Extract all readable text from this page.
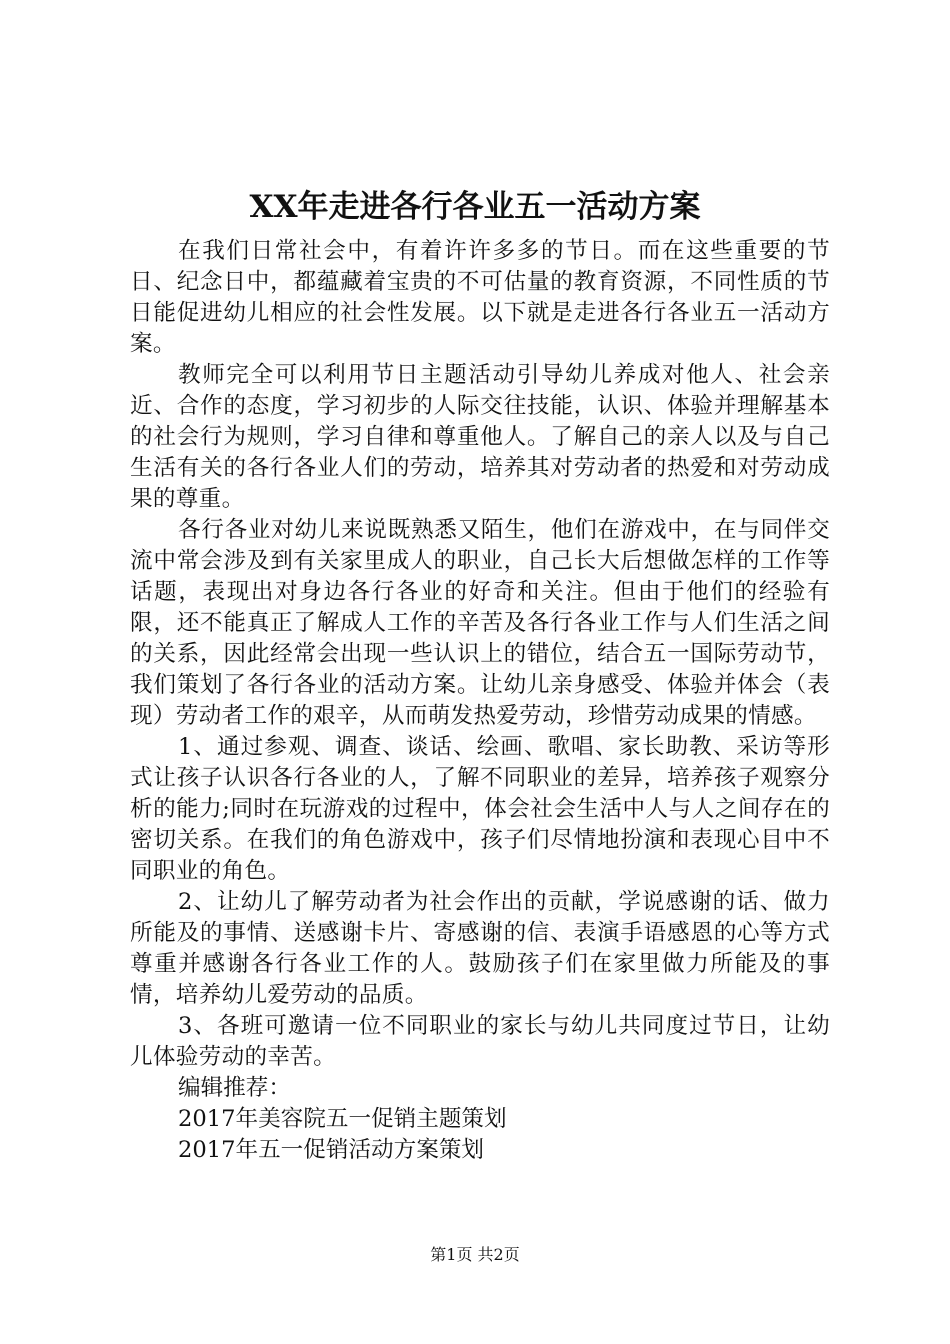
XX年走进各行各业五一活动方案

在我们日常社会中，有着许许多多的节日。而在这些重要的节日、纪念日中，都蕴藏着宝贵的不可估量的教育资源，不同性质的节日能促进幼儿相应的社会性发展。以下就是走进各行各业五一活动方案。

教师完全可以利用节日主题活动引导幼儿养成对他人、社会亲近、合作的态度，学习初步的人际交往技能，认识、体验并理解基本的社会行为规则，学习自律和尊重他人。了解自己的亲人以及与自己生活有关的各行各业人们的劳动，培养其对劳动者的热爱和对劳动成果的尊重。

各行各业对幼儿来说既熟悉又陌生，他们在游戏中，在与同伴交流中常会涉及到有关家里成人的职业，自己长大后想做怎样的工作等话题，表现出对身边各行各业的好奇和关注。但由于他们的经验有限，还不能真正了解成人工作的辛苦及各行各业工作与人们生活之间的关系，因此经常会出现一些认识上的错位，结合五一国际劳动节，我们策划了各行各业的活动方案。让幼儿亲身感受、体验并体会（表现）劳动者工作的艰辛，从而萌发热爱劳动，珍惜劳动成果的情感。

1、通过参观、调查、谈话、绘画、歌唱、家长助教、采访等形式让孩子认识各行各业的人，了解不同职业的差异，培养孩子观察分析的能力;同时在玩游戏的过程中，体会社会生活中人与人之间存在的密切关系。在我们的角色游戏中，孩子们尽情地扮演和表现心目中不同职业的角色。

2、让幼儿了解劳动者为社会作出的贡献，学说感谢的话、做力所能及的事情、送感谢卡片、寄感谢的信、表演手语感恩的心等方式尊重并感谢各行各业工作的人。鼓励孩子们在家里做力所能及的事情，培养幼儿爱劳动的品质。

3、各班可邀请一位不同职业的家长与幼儿共同度过节日，让幼儿体验劳动的幸苦。

编辑推荐：

2017年美容院五一促销主题策划

2017年五一促销活动方案策划

第1页 共2页
